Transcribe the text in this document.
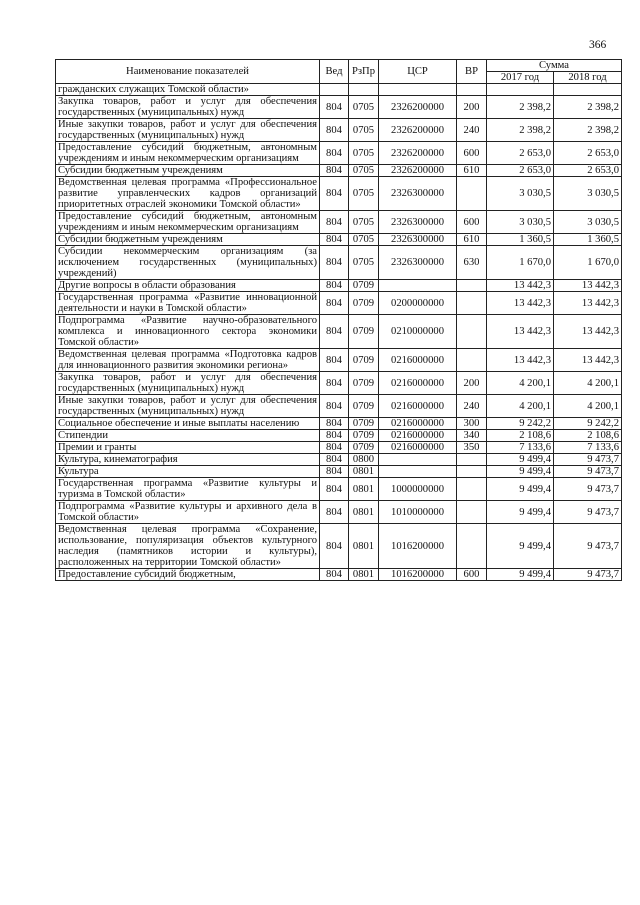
366
Наименование показателей	Вед	РзПр	ЦСР	ВР	Сумма	
					2017 год	2018 год
гражданских служащих Томской области»						
Закупка товаров, работ и услуг для обеспечения государственных (муниципальных) нужд	804	0705	2326200000	200	2 398,2	2 398,2
Иные закупки товаров, работ и услуг для обеспечения государственных (муниципальных) нужд	804	0705	2326200000	240	2 398,2	2 398,2
Предоставление субсидий бюджетным, автономным учреждениям и иным некоммерческим организациям	804	0705	2326200000	600	2 653,0	2 653,0
Субсидии бюджетным учреждениям	804	0705	2326200000	610	2 653,0	2 653,0
Ведомственная целевая программа «Профессиональное развитие управленческих кадров организаций приоритетных отраслей экономики Томской области»	804	0705	2326300000		3 030,5	3 030,5
Предоставление субсидий бюджетным, автономным учреждениям и иным некоммерческим организациям	804	0705	2326300000	600	3 030,5	3 030,5
Субсидии бюджетным учреждениям	804	0705	2326300000	610	1 360,5	1 360,5
Субсидии некоммерческим организациям (за исключением государственных (муниципальных) учреждений)	804	0705	2326300000	630	1 670,0	1 670,0
Другие вопросы в области образования	804	0709			13 442,3	13 442,3
Государственная программа «Развитие инновационной деятельности и науки в Томской области»	804	0709	0200000000		13 442,3	13 442,3
Подпрограмма «Развитие научно-образовательного комплекса и инновационного сектора экономики Томской области»	804	0709	0210000000		13 442,3	13 442,3
Ведомственная целевая программа «Подготовка кадров для инновационного развития экономики региона»	804	0709	0216000000		13 442,3	13 442,3
Закупка товаров, работ и услуг для обеспечения государственных (муниципальных) нужд	804	0709	0216000000	200	4 200,1	4 200,1
Иные закупки товаров, работ и услуг для обеспечения государственных (муниципальных) нужд	804	0709	0216000000	240	4 200,1	4 200,1
Социальное обеспечение и иные выплаты населению	804	0709	0216000000	300	9 242,2	9 242,2
Стипендии	804	0709	0216000000	340	2 108,6	2 108,6
Премии и гранты	804	0709	0216000000	350	7 133,6	7 133,6
Культура, кинематография	804	0800			9 499,4	9 473,7
Культура	804	0801			9 499,4	9 473,7
Государственная программа «Развитие культуры и туризма в Томской области»	804	0801	1000000000		9 499,4	9 473,7
Подпрограмма «Развитие культуры и архивного дела в Томской области»	804	0801	1010000000		9 499,4	9 473,7
Ведомственная целевая программа «Сохранение, использование, популяризация объектов культурного наследия (памятников истории и культуры), расположенных на территории Томской области»	804	0801	1016200000		9 499,4	9 473,7
Предоставление субсидий бюджетным,	804	0801	1016200000	600	9 499,4	9 473,7
